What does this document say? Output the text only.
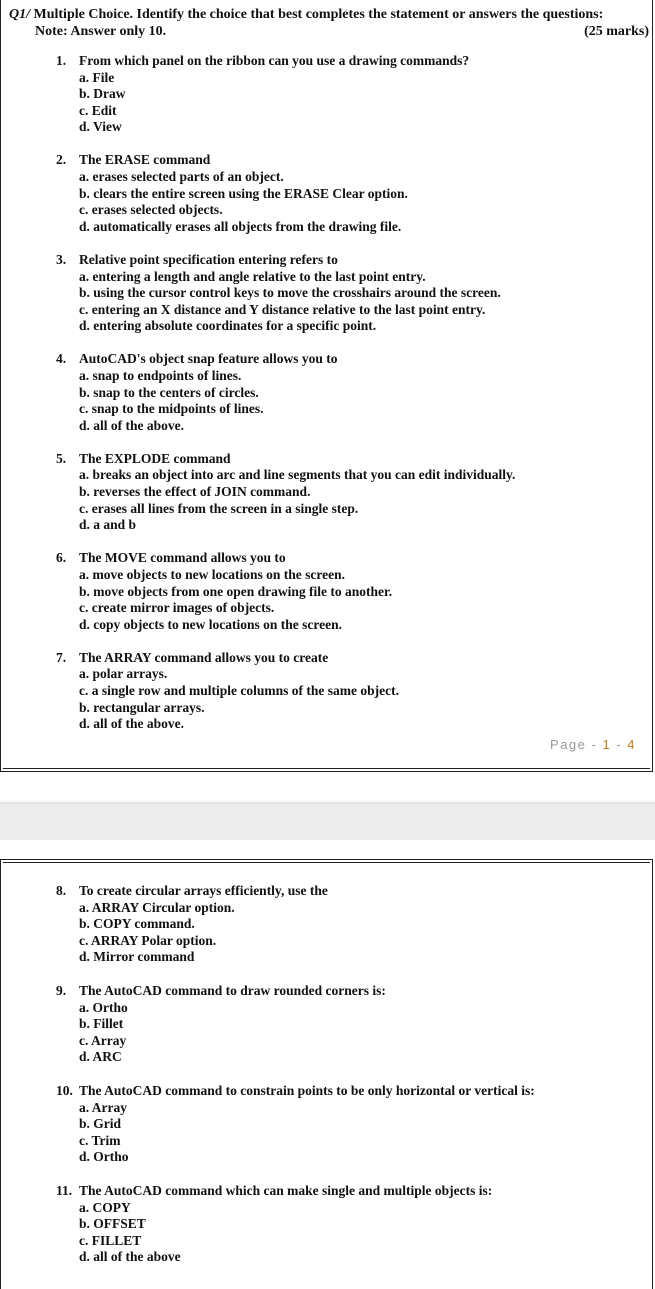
Q1/ Multiple Choice. Identify the choice that best completes the statement or answers the questions:
Note: Answer only 10.	(25 marks)
1. From which panel on the ribbon can you use a drawing commands?
a. File
b. Draw
c. Edit
d. View
2. The ERASE command
a. erases selected parts of an object.
b. clears the entire screen using the ERASE Clear option.
c. erases selected objects.
d. automatically erases all objects from the drawing file.
3. Relative point specification entering refers to
a. entering a length and angle relative to the last point entry.
b. using the cursor control keys to move the crosshairs around the screen.
c. entering an X distance and Y distance relative to the last point entry.
d. entering absolute coordinates for a specific point.
4. AutoCAD's object snap feature allows you to
a. snap to endpoints of lines.
b. snap to the centers of circles.
c. snap to the midpoints of lines.
d. all of the above.
5. The EXPLODE command
a. breaks an object into arc and line segments that you can edit individually.
b. reverses the effect of JOIN command.
c. erases all lines from the screen in a single step.
d. a and b
6. The MOVE command allows you to
a. move objects to new locations on the screen.
b. move objects from one open drawing file to another.
c. create mirror images of objects.
d. copy objects to new locations on the screen.
7. The ARRAY command allows you to create
a. polar arrays.
c. a single row and multiple columns of the same object.
b. rectangular arrays.
d. all of the above.
Page - 1 - 4
8. To create circular arrays efficiently, use the
a. ARRAY Circular option.
b. COPY command.
c. ARRAY Polar option.
d. Mirror command
9. The AutoCAD command to draw rounded corners is:
a. Ortho
b. Fillet
c. Array
d. ARC
10. The AutoCAD command to constrain points to be only horizontal or vertical is:
a. Array
b. Grid
c. Trim
d. Ortho
11. The AutoCAD command which can make single and multiple objects is:
a. COPY
b. OFFSET
c. FILLET
d. all of the above
